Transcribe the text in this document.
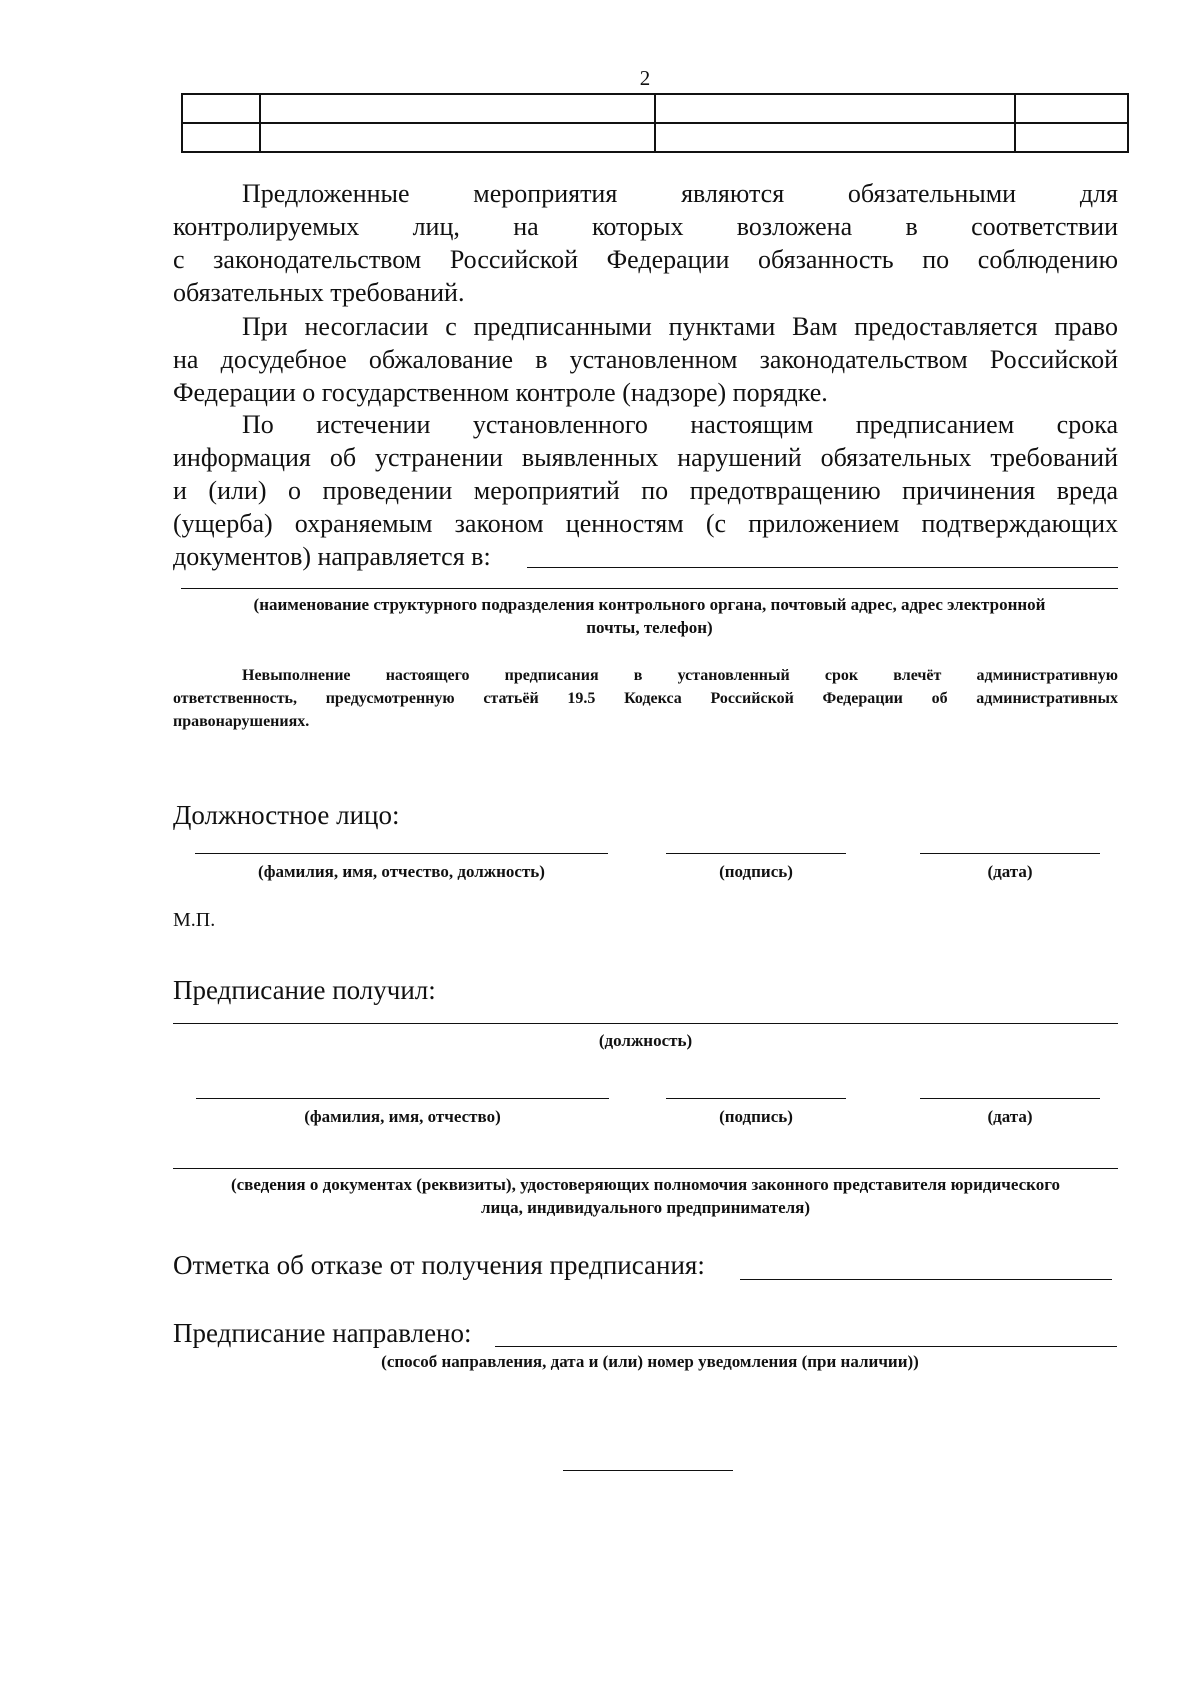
2

Предложенные мероприятия являются обязательными для

контролируемых лиц, на которых возложена в соответствии

с законодательством Российской Федерации обязанность по соблюдению

обязательных требований.

При несогласии с предписанными пунктами Вам предоставляется право

на досудебное обжалование в установленном законодательством Российской

Федерации о государственном контроле (надзоре) порядке.

По истечении установленного настоящим предписанием срока

информация об устранении выявленных нарушений обязательных требований

и (или) о проведении мероприятий по предотвращению причинения вреда

(ущерба) охраняемым законом ценностям (с приложением подтверждающих

документов) направляется в:

(наименование структурного подразделения контрольного органа, почтовый адрес, адрес электронной

почты, телефон)

Невыполнение настоящего предписания в установленный срок влечёт административную

ответственность, предусмотренную статьёй 19.5 Кодекса Российской Федерации об административных

правонарушениях.

Должностное лицо:

(фамилия, имя, отчество, должность)	(подпись)	(дата)

М.П.

Предписание получил:

(должность)

(фамилия, имя, отчество)	(подпись)	(дата)

(сведения о документах (реквизиты), удостоверяющих полномочия законного представителя юридического

лица, индивидуального предпринимателя)

Отметка об отказе от получения предписания:

Предписание направлено:

(способ направления, дата и (или) номер уведомления (при наличии))
